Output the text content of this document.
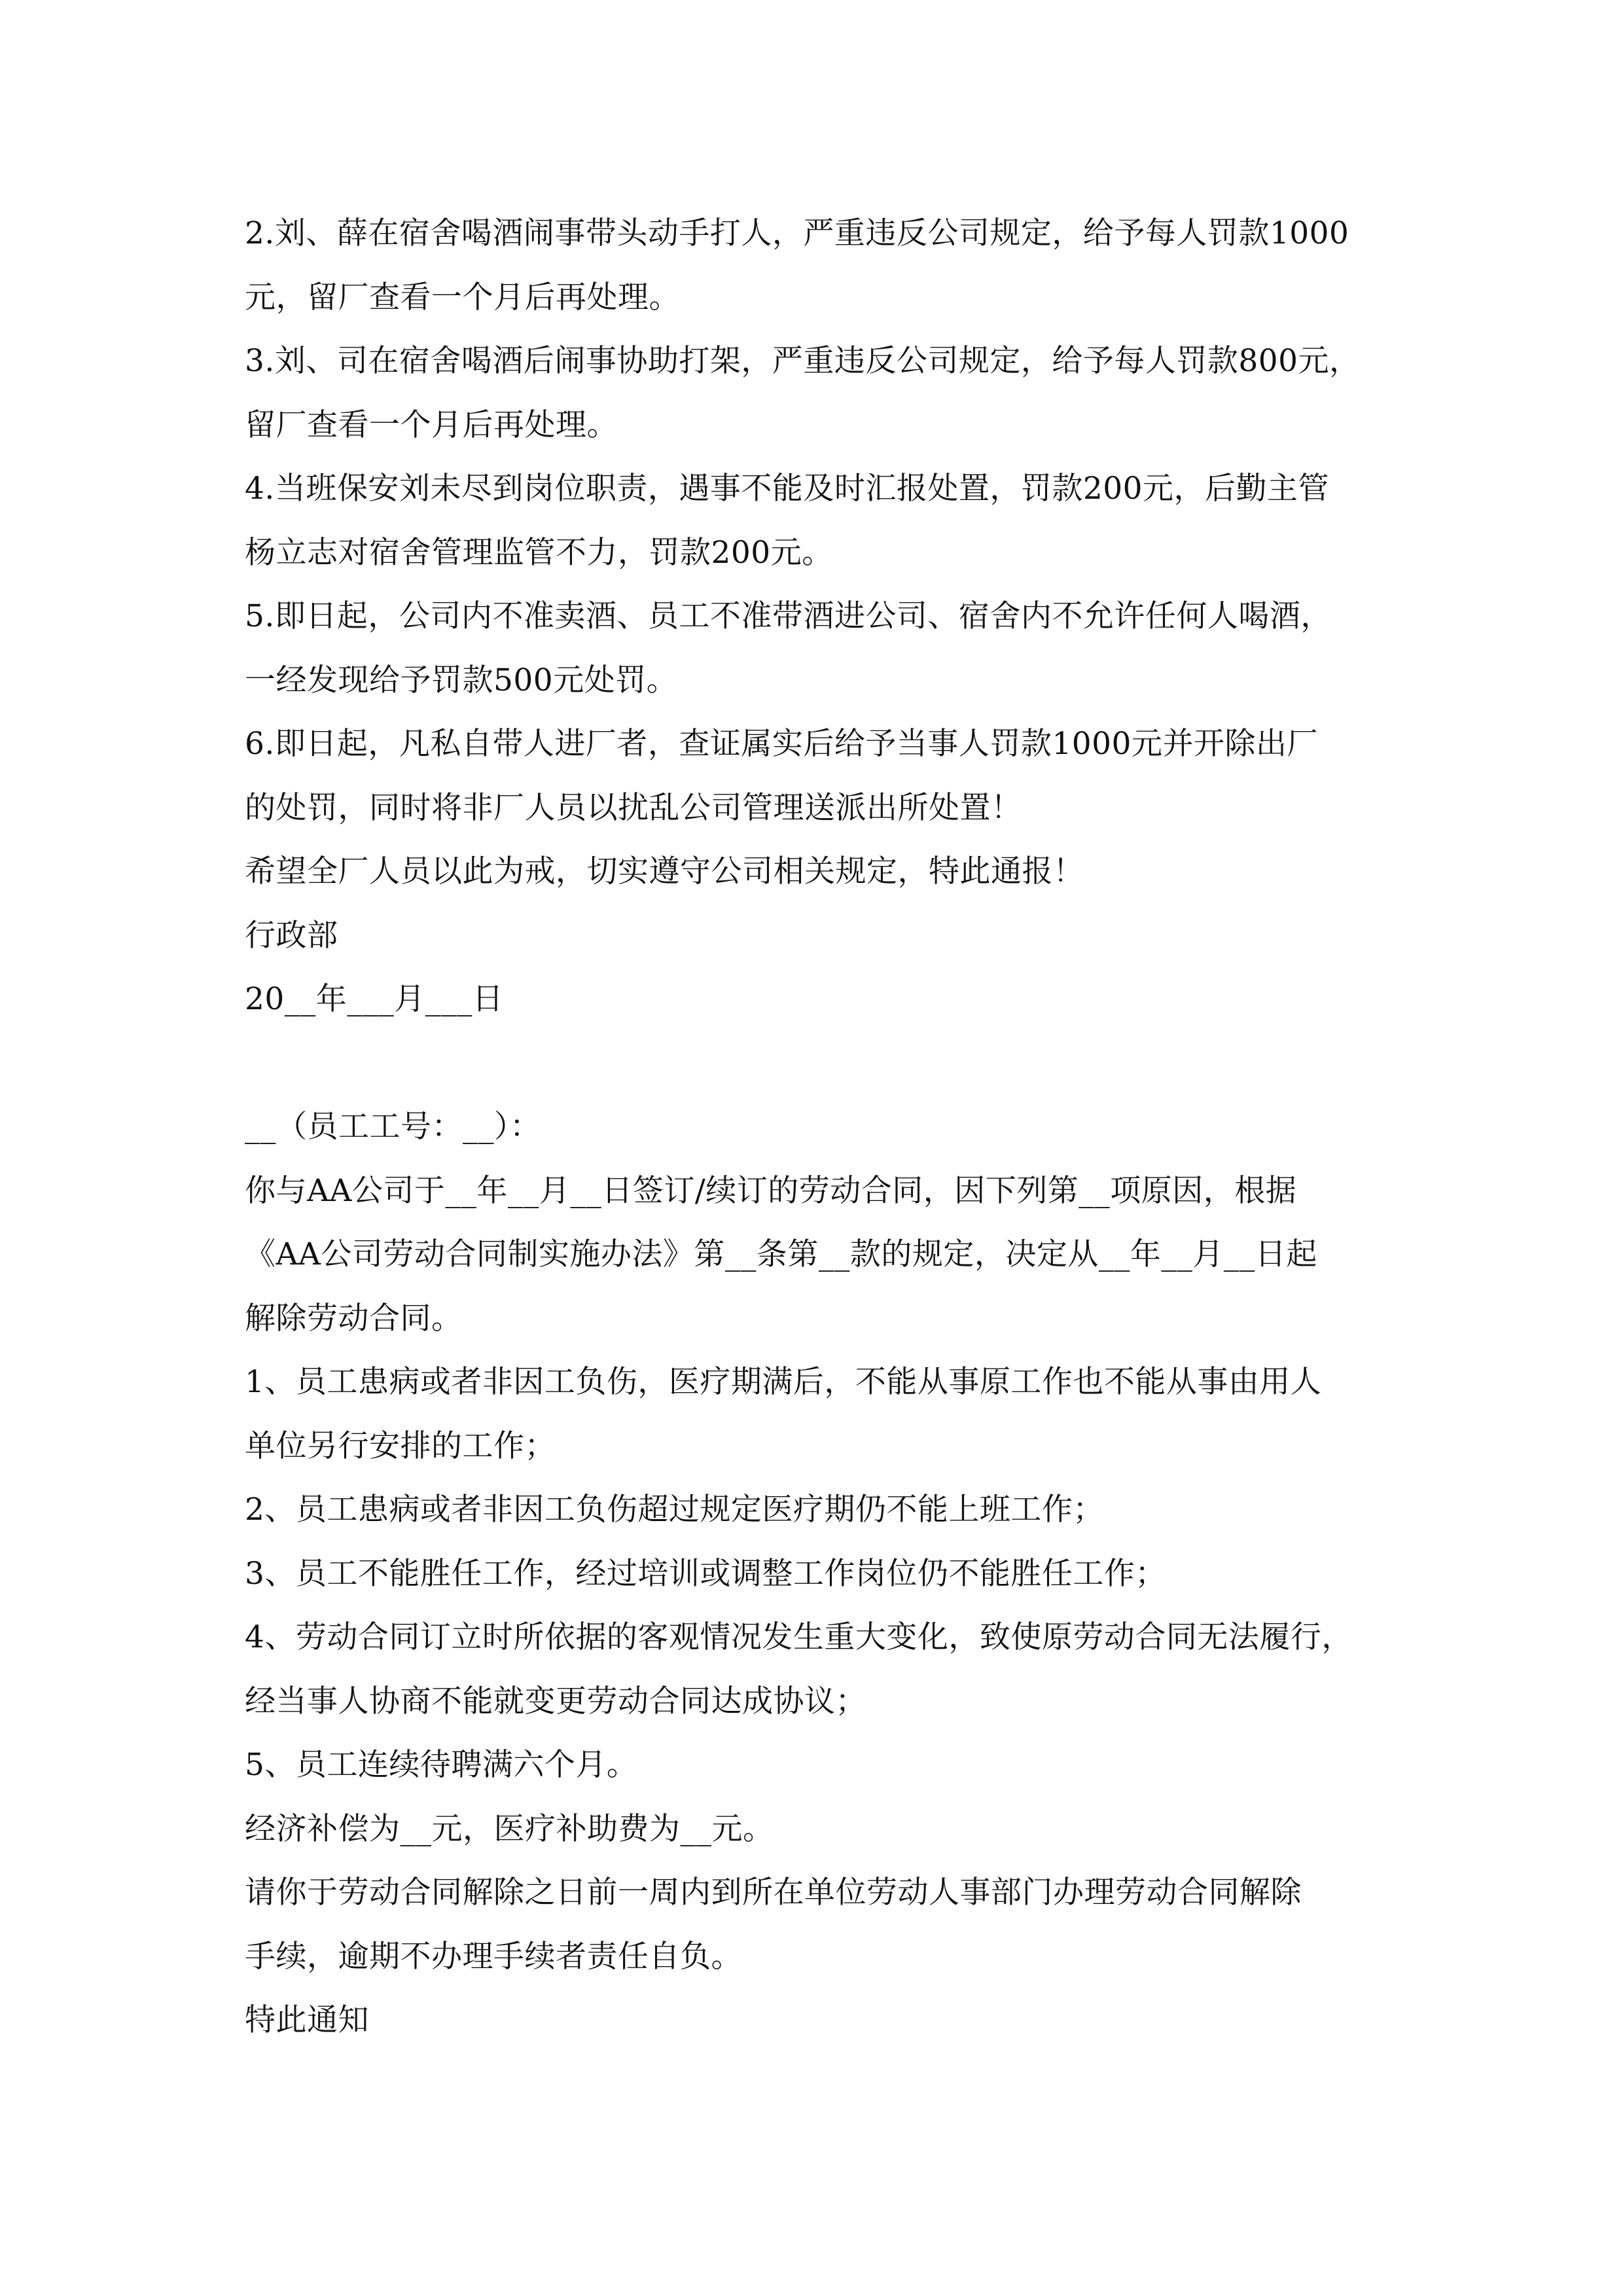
2.刘、薛在宿舍喝酒闹事带头动手打人，严重违反公司规定，给予每人罚款1000

元，留厂查看一个月后再处理。

3.刘、司在宿舍喝酒后闹事协助打架，严重违反公司规定，给予每人罚款800元，

留厂查看一个月后再处理。

4.当班保安刘未尽到岗位职责，遇事不能及时汇报处置，罚款200元，后勤主管

杨立志对宿舍管理监管不力，罚款200元。

5.即日起，公司内不准卖酒、员工不准带酒进公司、宿舍内不允许任何人喝酒，

一经发现给予罚款500元处罚。

6.即日起，凡私自带人进厂者，查证属实后给予当事人罚款1000元并开除出厂

的处罚，同时将非厂人员以扰乱公司管理送派出所处置！

希望全厂人员以此为戒，切实遵守公司相关规定，特此通报！

行政部

20__年___月___日

__（员工工号：__）：

你与AA公司于__年__月__日签订/续订的劳动合同，因下列第__项原因，根据

《AA公司劳动合同制实施办法》第__条第__款的规定，决定从__年__月__日起

解除劳动合同。

1、员工患病或者非因工负伤，医疗期满后，不能从事原工作也不能从事由用人

单位另行安排的工作；

2、员工患病或者非因工负伤超过规定医疗期仍不能上班工作；

3、员工不能胜任工作，经过培训或调整工作岗位仍不能胜任工作；

4、劳动合同订立时所依据的客观情况发生重大变化，致使原劳动合同无法履行，

经当事人协商不能就变更劳动合同达成协议；

5、员工连续待聘满六个月。

经济补偿为__元，医疗补助费为__元。

请你于劳动合同解除之日前一周内到所在单位劳动人事部门办理劳动合同解除

手续，逾期不办理手续者责任自负。

特此通知
